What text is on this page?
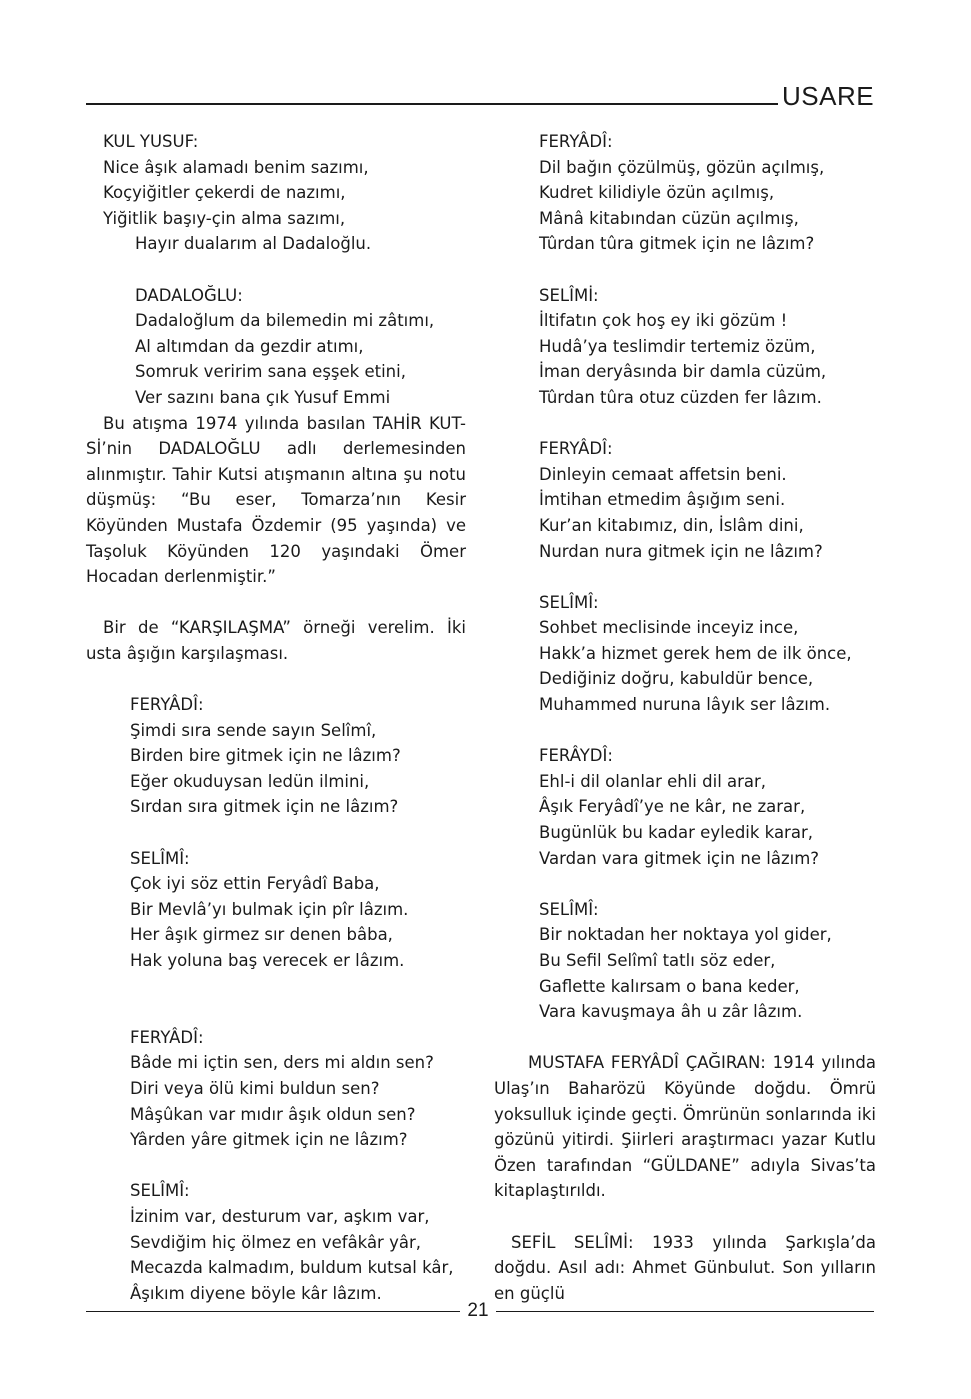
USARE
KUL YUSUF:
Nice âşık alamadı benim sazımı,
Koçyiğitler çekerdi de nazımı,
Yiğitlik başıy-çin alma sazımı,
Hayır dualarım al Dadaloğlu.
DADALOĞLU:
Dadaloğlum da bilemedin mi zâtımı,
Al altımdan da gezdir atımı,
Somruk veririm sana eşşek etini,
Ver sazını bana çık Yusuf Emmi
Bu atışma 1974 yılında basılan TAHİR KUT-Sİ’nin DADALOĞLU adlı derlemesinden alınmıştır. Tahir Kutsi atışmanın altına şu notu düşmüş: “Bu eser, Tomarza’nın Kesir Köyünden Mustafa Özdemir (95 yaşında) ve Taşoluk Köyünden 120 yaşındaki Ömer Hocadan derlenmiştir.”
Bir de “KARŞILAŞMA” örneği verelim. İki usta âşığın karşılaşması.
FERYÂDÎ:
Şimdi sıra sende sayın Selîmî,
Birden bire gitmek için ne lâzım?
Eğer okuduysan ledün ilmini,
Sırdan sıra gitmek için ne lâzım?
SELÎMÎ:
Çok iyi söz ettin Feryâdî Baba,
Bir Mevlâ’yı bulmak için pîr lâzım.
Her âşık girmez sır denen bâba,
Hak yoluna baş verecek er lâzım.
FERYÂDÎ:
Bâde mi içtin sen, ders mi aldın sen?
Diri veya ölü kimi buldun sen?
Mâşûkan var mıdır âşık oldun sen?
Yârden yâre gitmek için ne lâzım?
SELÎMÎ:
İzinim var, desturum var, aşkım var,
Sevdiğim hiç ölmez en vefâkâr yâr,
Mecazda kalmadım, buldum kutsal kâr,
Âşıkım diyene böyle kâr lâzım.
FERYÂDÎ:
Dil bağın çözülmüş, gözün açılmış,
Kudret kilidiyle özün açılmış,
Mânâ kitabından cüzün açılmış,
Tûrdan tûra gitmek için ne lâzım?
SELÎMİ:
İltifatın çok hoş ey iki gözüm !
Hudâ’ya teslimdir tertemiz özüm,
İman deryâsında bir damla cüzüm,
Tûrdan tûra otuz cüzden fer lâzım.
FERYÂDÎ:
Dinleyin cemaat affetsin beni.
İmtihan etmedim âşığım seni.
Kur’an kitabımız, din, İslâm dini,
Nurdan nura gitmek için ne lâzım?
SELÎMÎ:
Sohbet meclisinde inceyiz ince,
Hakk’a hizmet gerek hem de ilk önce,
Dediğiniz doğru, kabuldür bence,
Muhammed nuruna lâyık ser lâzım.
FERÂYDÎ:
Ehl-i dil olanlar ehli dil arar,
Âşık Feryâdî’ye ne kâr, ne zarar,
Bugünlük bu kadar eyledik karar,
Vardan vara gitmek için ne lâzım?
SELÎMÎ:
Bir noktadan her noktaya yol gider,
Bu Sefil Selîmî tatlı söz eder,
Gaflette kalırsam o bana keder,
Vara kavuşmaya âh u zâr lâzım.
MUSTAFA FERYÂDÎ ÇAĞIRAN: 1914 yılında Ulaş’ın Baharözü Köyünde doğdu. Ömrü yoksulluk içinde geçti. Ömrünün sonlarında iki gözünü yitirdi. Şiirleri araştırmacı yazar Kutlu Özen tarafından “GÜLDANE” adıyla Sivas’ta kitaplaştırıldı.
SEFİL SELÎMİ: 1933 yılında Şarkışla’da doğdu. Asıl adı: Ahmet Günbulut. Son yılların en güçlü
21
